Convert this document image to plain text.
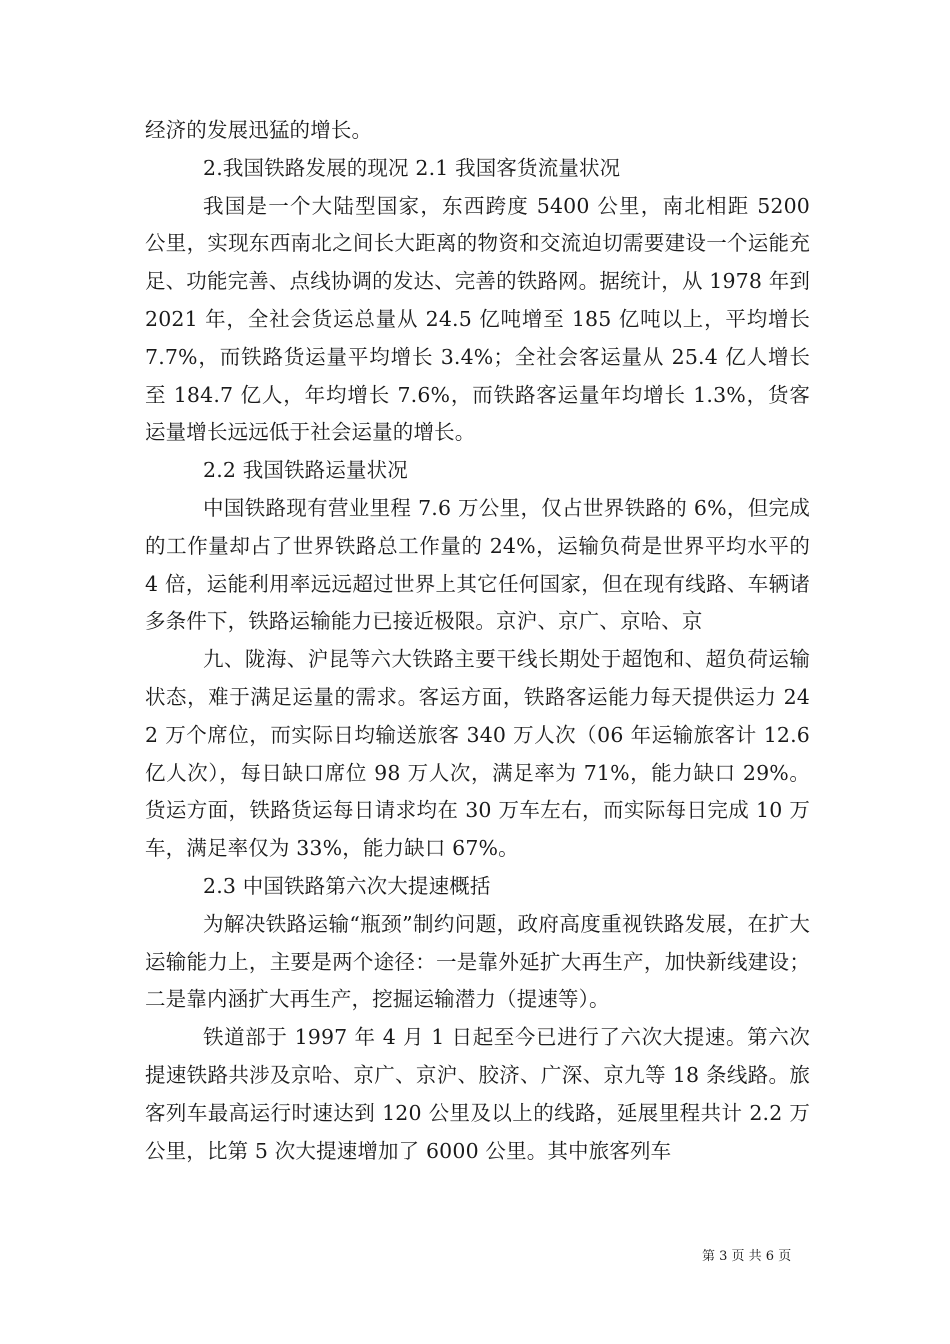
经济的发展迅猛的增长。

2.我国铁路发展的现况 2.1 我国客货流量状况

我国是一个大陆型国家，东西跨度 5400 公里，南北相距 5200 公里，实现东西南北之间长大距离的物资和交流迫切需要建设一个运能充足、功能完善、点线协调的发达、完善的铁路网。据统计，从 1978 年到 2021 年，全社会货运总量从 24.5 亿吨增至 185 亿吨以上，平均增长 7.7%，而铁路货运量平均增长 3.4%；全社会客运量从 25.4 亿人增长至 184.7 亿人，年均增长 7.6%，而铁路客运量年均增长 1.3%，货客运量增长远远低于社会运量的增长。

2.2 我国铁路运量状况

中国铁路现有营业里程 7.6 万公里，仅占世界铁路的 6%，但完成的工作量却占了世界铁路总工作量的 24%，运输负荷是世界平均水平的 4 倍，运能利用率远远超过世界上其它任何国家，但在现有线路、车辆诸多条件下，铁路运输能力已接近极限。京沪、京广、京哈、京

九、陇海、沪昆等六大铁路主要干线长期处于超饱和、超负荷运输状态，难于满足运量的需求。客运方面，铁路客运能力每天提供运力 242 万个席位，而实际日均输送旅客 340 万人次（06 年运输旅客计 12.6 亿人次），每日缺口席位 98 万人次，满足率为 71%，能力缺口 29%。货运方面，铁路货运每日请求均在 30 万车左右，而实际每日完成 10 万车，满足率仅为 33%，能力缺口 67%。

2.3 中国铁路第六次大提速概括

为解决铁路运输“瓶颈”制约问题，政府高度重视铁路发展，在扩大运输能力上，主要是两个途径：一是靠外延扩大再生产，加快新线建设；二是靠内涵扩大再生产，挖掘运输潜力（提速等）。

铁道部于 1997 年 4 月 1 日起至今已进行了六次大提速。第六次提速铁路共涉及京哈、京广、京沪、胶济、广深、京九等 18 条线路。旅客列车最高运行时速达到 120 公里及以上的线路，延展里程共计 2.2 万公里，比第 5 次大提速增加了 6000 公里。其中旅客列车

第 3 页 共 6 页
